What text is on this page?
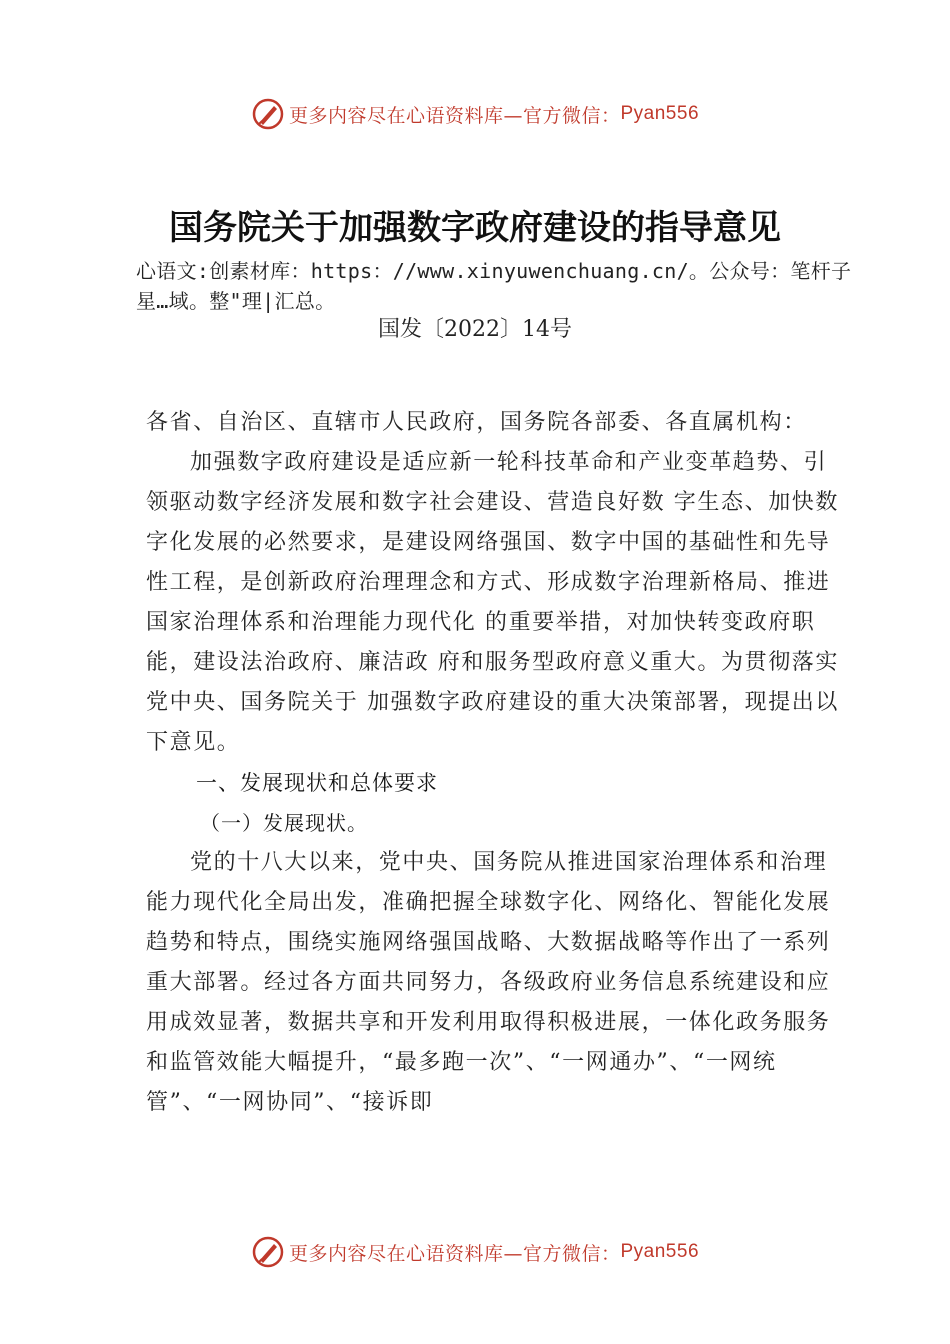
更多内容尽在心语资料库—官方微信： Pyan556
国务院关于加强数字政府建设的指导意见
心语文:创素材库：https：//www.xinyuwenchuang.cn/。公众号：笔杆子星…域。整"理|汇总。
国发〔2022〕14号

各省、自治区、直辖市人民政府，国务院各部委、各直属机构：

加强数字政府建设是适应新一轮科技革命和产业变革趋势、引领驱动数字经济发展和数字社会建设、营造良好数 字生态、加快数字化发展的必然要求，是建设网络强国、数字中国的基础性和先导性工程，是创新政府治理理念和方式、形成数字治理新格局、推进国家治理体系和治理能力现代化 的重要举措，对加快转变政府职能，建设法治政府、廉洁政 府和服务型政府意义重大。为贯彻落实党中央、国务院关于 加强数字政府建设的重大决策部署，现提出以下意见。

一、发展现状和总体要求

（一）发展现状。

党的十八大以来，党中央、国务院从推进国家治理体系和治理能力现代化全局出发，准确把握全球数字化、网络化、智能化发展趋势和特点，围绕实施网络强国战略、大数据战略等作出了一系列重大部署。经过各方面共同努力，各级政府业务信息系统建设和应用成效显著，数据共享和开发利用取得积极进展，一体化政务服务和监管效能大幅提升，“最多跑一次”、“一网通办”、“一网统管”、“一网协同”、“接诉即

更多内容尽在心语资料库—官方微信： Pyan556
